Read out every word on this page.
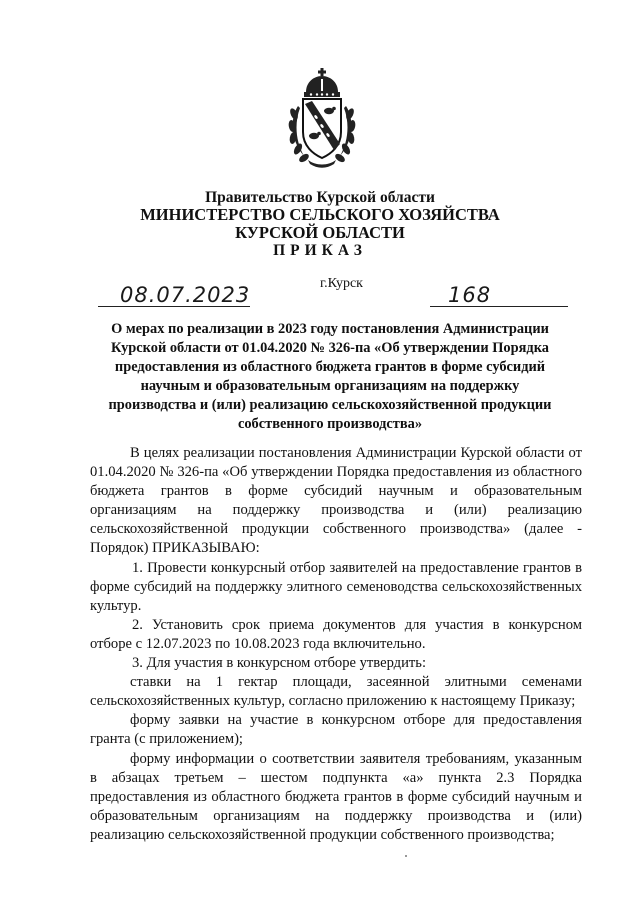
Правительство Курской области
МИНИСТЕРСТВО СЕЛЬСКОГО ХОЗЯЙСТВА
КУРСКОЙ ОБЛАСТИ
ПРИКАЗ
г.Курск
08.07.2023	168
О мерах по реализации в 2023 году постановления Администрации
Курской области от 01.04.2020 № 326-па «Об утверждении Порядка
предоставления из областного бюджета грантов в форме субсидий
научным и образовательным организациям на поддержку
производства и (или) реализацию сельскохозяйственной продукции
собственного производства»

В целях реализации постановления Администрации Курской области от 01.04.2020 № 326-па «Об утверждении Порядка предоставления из областного бюджета грантов в форме субсидий научным и образовательным организациям на поддержку производства и (или) реализацию сельскохозяйственной продукции собственного производства» (далее - Порядок) ПРИКАЗЫВАЮ:

1. Провести конкурсный отбор заявителей на предоставление грантов в форме субсидий на поддержку элитного семеноводства сельскохозяйственных культур.

2. Установить срок приема документов для участия в конкурсном отборе с 12.07.2023 по 10.08.2023 года включительно.

3. Для участия в конкурсном отборе утвердить:

ставки на 1 гектар площади, засеянной элитными семенами сельскохозяйственных культур, согласно приложению к настоящему Приказу;

форму заявки на участие в конкурсном отборе для предоставления гранта (с приложением);

форму информации о соответствии заявителя требованиям, указанным в абзацах третьем – шестом подпункта «а» пункта 2.3 Порядка предоставления из областного бюджета грантов в форме субсидий научным и образовательным организациям на поддержку производства и (или) реализацию сельскохозяйственной продукции собственного производства;
